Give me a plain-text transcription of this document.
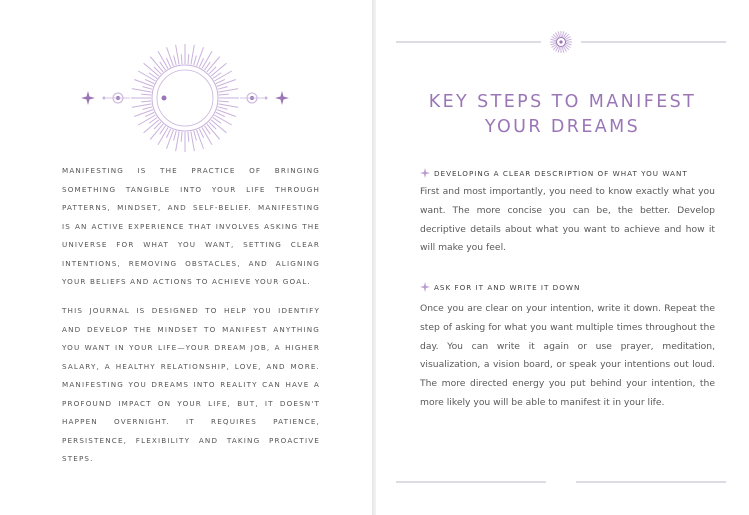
MANIFESTING IS THE PRACTICE OF BRINGING SOMETHING TANGIBLE INTO YOUR LIFE THROUGH PATTERNS, MINDSET, AND SELF-BELIEF. MANIFESTING IS AN ACTIVE EXPERIENCE THAT INVOLVES ASKING THE UNIVERSE FOR WHAT YOU WANT, SETTING CLEAR INTENTIONS, REMOVING OBSTACLES, AND ALIGNING YOUR BELIEFS AND ACTIONS TO ACHIEVE YOUR GOAL.
THIS JOURNAL IS DESIGNED TO HELP YOU IDENTIFY AND DEVELOP THE MINDSET TO MANIFEST ANYTHING YOU WANT IN YOUR LIFE—YOUR DREAM JOB, A HIGHER SALARY, A HEALTHY RELATIONSHIP, LOVE, AND MORE. MANIFESTING YOU DREAMS INTO REALITY CAN HAVE A PROFOUND IMPACT ON YOUR LIFE, BUT, IT DOESN'T HAPPEN OVERNIGHT. IT REQUIRES PATIENCE, PERSISTENCE, FLEXIBILITY AND TAKING PROACTIVE STEPS.
KEY STEPS TO MANIFEST
YOUR DREAMS
DEVELOPING A CLEAR DESCRIPTION OF WHAT YOU WANT
First and most importantly, you need to know exactly what you want. The more concise you can be, the better. Develop decriptive details about what you want to achieve and how it will make you feel.
ASK FOR IT AND WRITE IT DOWN
Once you are clear on your intention, write it down. Repeat the step of asking for what you want multiple times throughout the day. You can write it again or use prayer, meditation, visualization, a vision board, or speak your intentions out loud. The more directed energy you put behind your intention, the more likely you will be able to manifest it in your life.
